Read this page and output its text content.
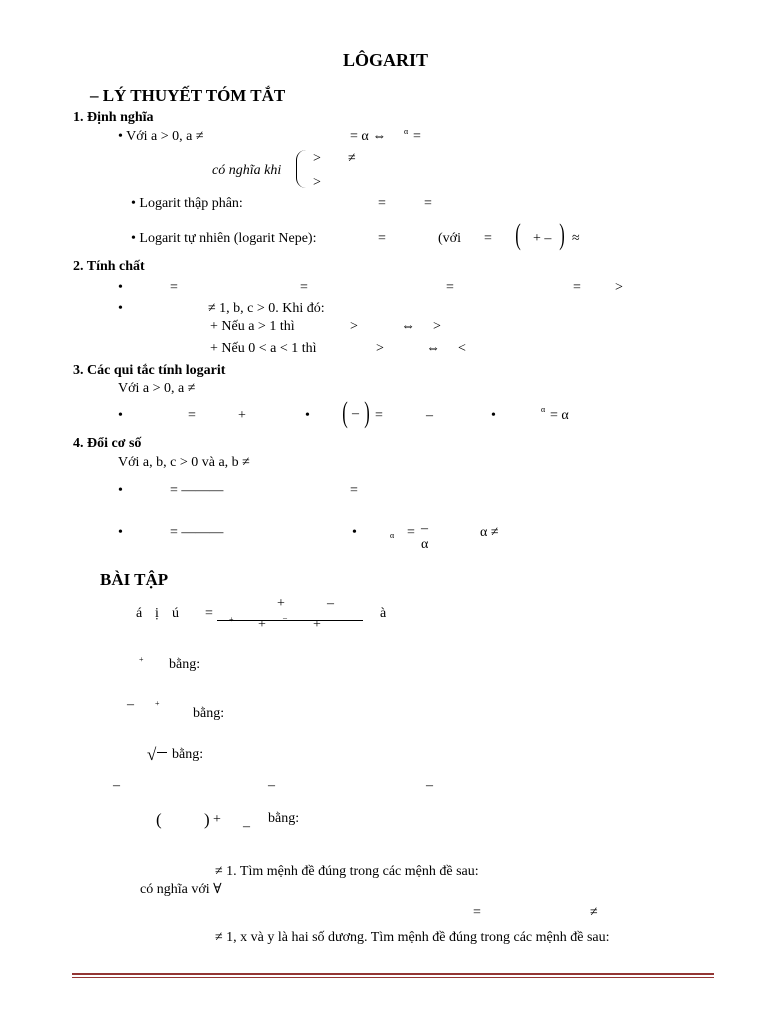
LÔGARIT
– LÝ THUYẾT TÓM TẮT
1. Định nghĩa
• Với a > 0, a ≠	= α ⇔ α =
có nghĩa khi
> ≠
>
• Logarit thập phân:	=	=
• Logarit tự nhiên (logarit Nepe):	=	(với = ( + – ) ≈
2. Tính chất
•	=	=	=	= >
•	≠ 1, b, c > 0. Khi đó:
+ Nếu a > 1 thì	>	⇔ >
+ Nếu 0 < a < 1 thì	>	⇔ <
3. Các qui tắc tính logarit
Với a > 0, a ≠
•	=	+	• ( – ) =	–	•	α = α
4. Đổi cơ số
Với a, b, c > 0 và a, b ≠
•	= ———	=
•	= ———	•	α = –
α
α ≠
BÀI TẬP
á ị ú =
+	–
+ + – +
à
+ bằng:
–	+
bằng:
√ bằng:
–	–	–
( ) + –
bằng:
≠ 1. Tìm mệnh đề đúng trong các mệnh đề sau:
có nghĩa với ∀
=	≠
≠ 1, x và y là hai số dương. Tìm mệnh đề đúng trong các mệnh đề sau:
